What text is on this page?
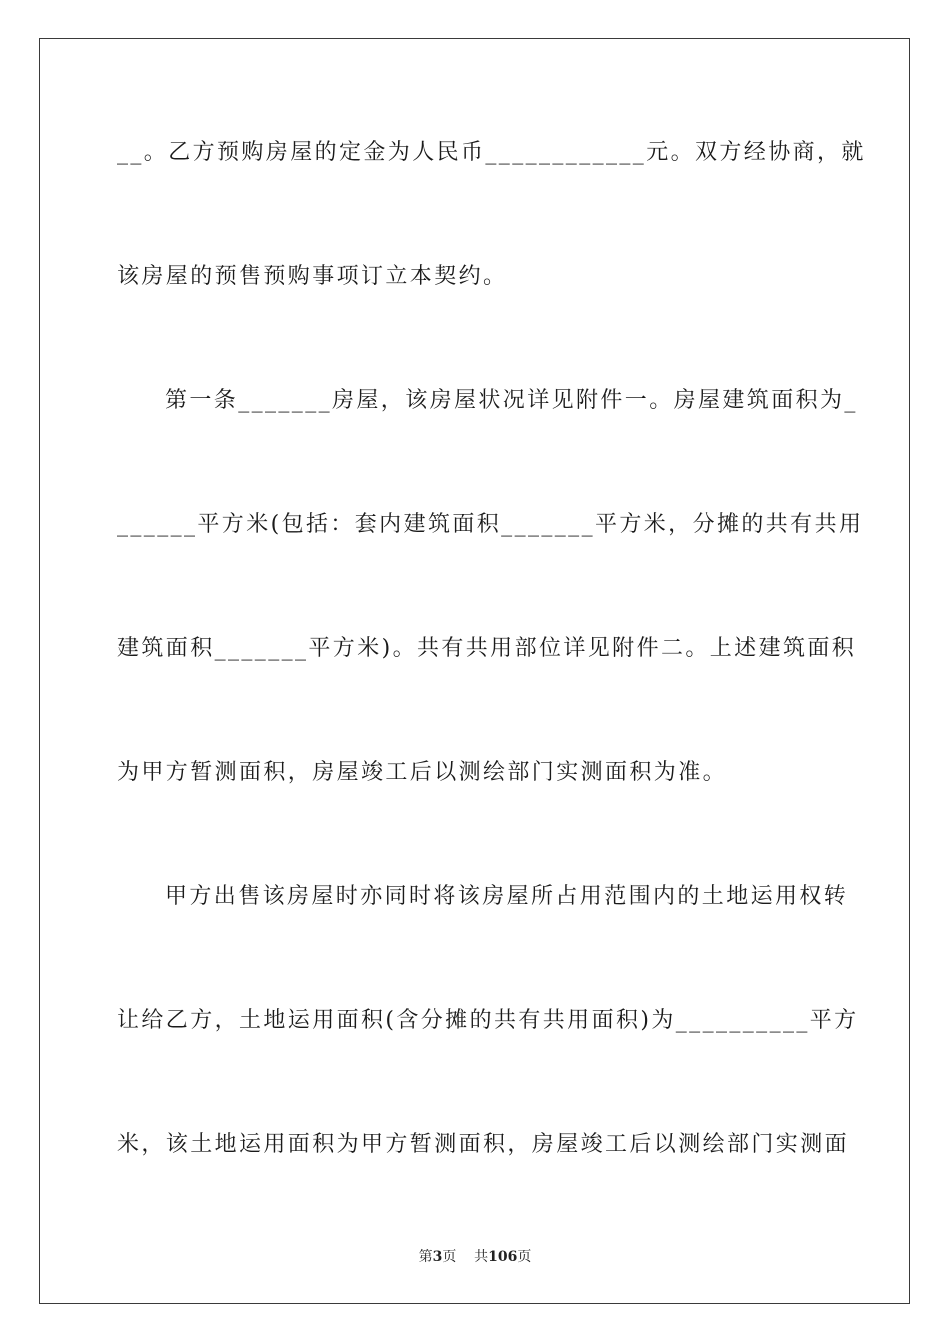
__。乙方预购房屋的定金为人民币____________元。双方经协商，就
该房屋的预售预购事项订立本契约。
第一条_______房屋，该房屋状况详见附件一。房屋建筑面积为_
______平方米(包括：套内建筑面积_______平方米，分摊的共有共用
建筑面积_______平方米)。共有共用部位详见附件二。上述建筑面积
为甲方暂测面积，房屋竣工后以测绘部门实测面积为准。
甲方出售该房屋时亦同时将该房屋所占用范围内的土地运用权转
让给乙方，土地运用面积(含分摊的共有共用面积)为__________平方
米，该土地运用面积为甲方暂测面积，房屋竣工后以测绘部门实测面
第3页 共106页
